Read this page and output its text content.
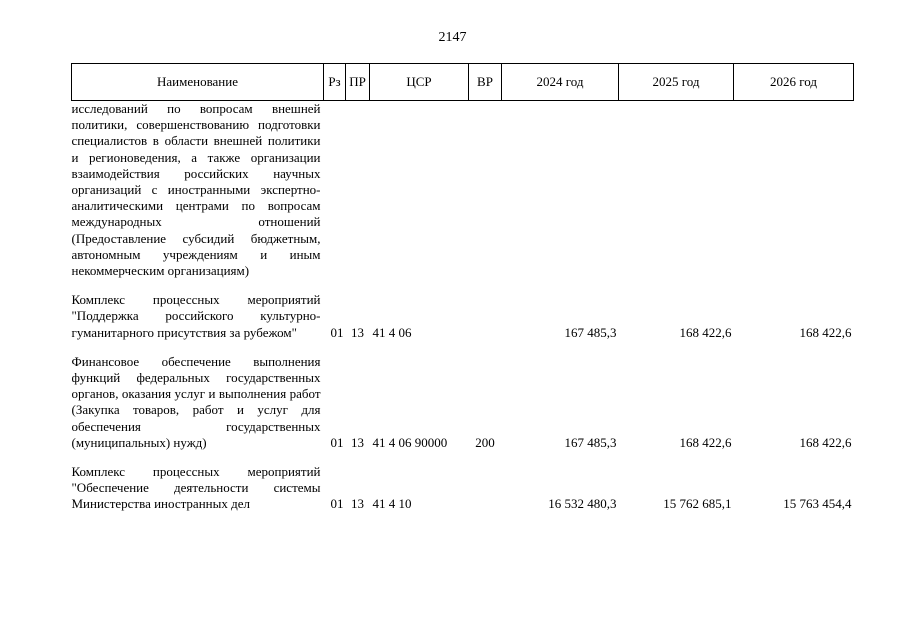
2147
Наименование	Рз	ПР	ЦСР	ВР	2024 год	2025 год	2026 год
исследований по вопросам внешней политики, совершенствованию подготовки специалистов в области внешней политики и регионоведения, а также организации взаимодействия российских научных организаций с иностранными экспертно-аналитическими центрами по вопросам международных отношений (Предоставление субсидий бюджетным, автономным учреждениям и иным некоммерческим организациям)							

Комплекс процессных мероприятий "Поддержка российского культурно-гуманитарного присутствия за рубежом"	01	13	41 4 06		167 485,3	168 422,6	168 422,6

Финансовое обеспечение выполнения функций федеральных государственных органов, оказания услуг и выполнения работ (Закупка товаров, работ и услуг для обеспечения государственных (муниципальных) нужд)	01	13	41 4 06 90000	200	167 485,3	168 422,6	168 422,6

Комплекс процессных мероприятий "Обеспечение деятельности системы Министерства иностранных дел	01	13	41 4 10		16 532 480,3	15 762 685,1	15 763 454,4
